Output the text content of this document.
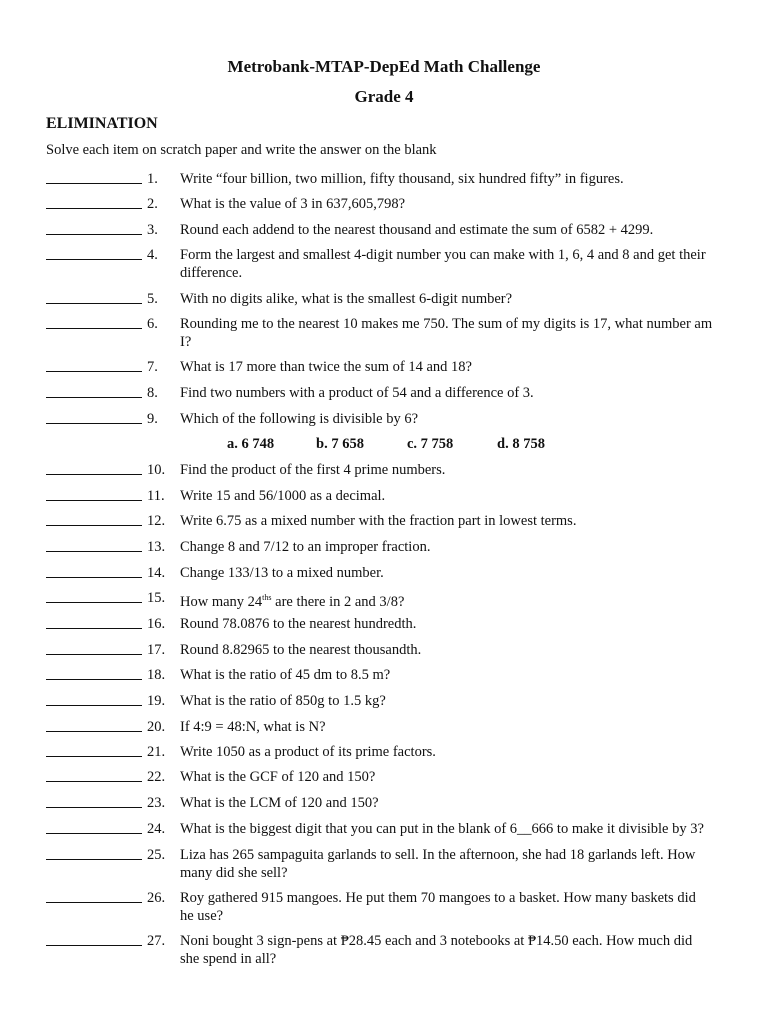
Metrobank-MTAP-DepEd Math Challenge
Grade 4
ELIMINATION
Solve each item on scratch paper and write the answer on the blank
1. Write “four billion, two million, fifty thousand, six hundred fifty” in figures.
2. What is the value of 3 in 637,605,798?
3. Round each addend to the nearest thousand and estimate the sum of 6582 + 4299.
4. Form the largest and smallest 4-digit number you can make with 1, 6, 4 and 8 and get their
difference.
5. With no digits alike, what is the smallest 6-digit number?
6. Rounding me to the nearest 10 makes me 750. The sum of my digits is 17, what number am
I?
7. What is 17 more than twice the sum of 14 and 18?
8. Find two numbers with a product of 54 and a difference of 3.
9. Which of the following is divisible by 6?
a. 6 748	b. 7 658	c. 7 758	d. 8 758
10. Find the product of the first 4 prime numbers.
11. Write 15 and 56/1000 as a decimal.
12. Write 6.75 as a mixed number with the fraction part in lowest terms.
13. Change 8 and 7/12 to an improper fraction.
14. Change 133/13 to a mixed number.
15. How many $24^{ths}$ are there in 2 and 3/8?
16. Round 78.0876 to the nearest hundredth.
17. Round 8.82965 to the nearest thousandth.
18. What is the ratio of 45 dm to 8.5 m?
19. What is the ratio of 850g to 1.5 kg?
20. If 4:9 = 48:N, what is N?
21. Write 1050 as a product of its prime factors.
22. What is the GCF of 120 and 150?
23. What is the LCM of 120 and 150?
24. What is the biggest digit that you can put in the blank of 6__666 to make it divisible by 3?
25. Liza has 265 sampaguita garlands to sell. In the afternoon, she had 18 garlands left. How
many did she sell?
26. Roy gathered 915 mangoes. He put them 70 mangoes to a basket. How many baskets did
he use?
27. Noni bought 3 sign-pens at ₱28.45 each and 3 notebooks at ₱14.50 each. How much did
she spend in all?
